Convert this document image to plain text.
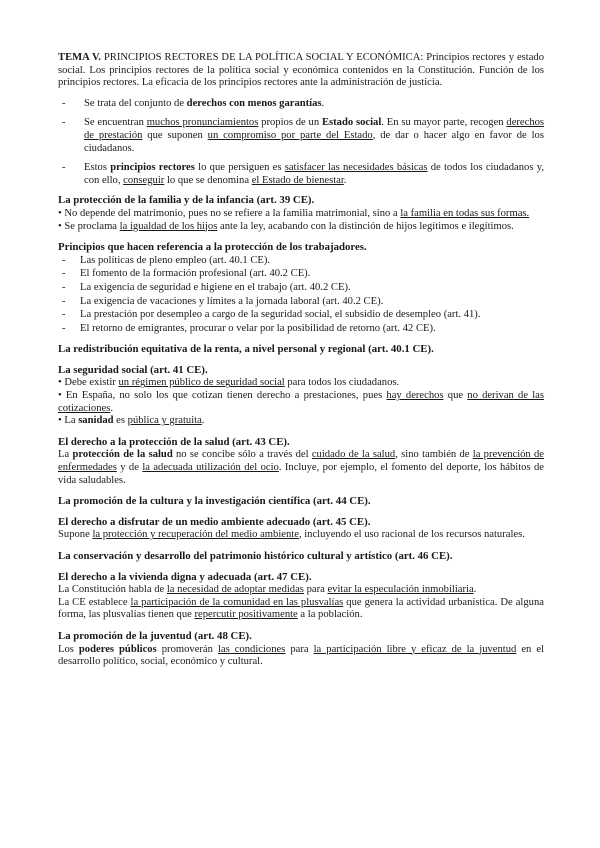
TEMA V. PRINCIPIOS RECTORES DE LA POLÍTICA SOCIAL Y ECONÓMICA: Principios rectores y estado social. Los principios rectores de la política social y económica contenidos en la Constitución. Función de los principios rectores. La eficacia de los principios rectores ante la administración de justicia.

- Se trata del conjunto de derechos con menos garantías.
- Se encuentran muchos pronunciamientos propios de un Estado social. En su mayor parte, recogen derechos de prestación que suponen un compromiso por parte del Estado, de dar o hacer algo en favor de los ciudadanos.
- Estos principios rectores lo que persiguen es satisfacer las necesidades básicas de todos los ciudadanos y, con ello, conseguir lo que se denomina el Estado de bienestar.
La protección de la familia y de la infancia (art. 39 CE).

• No depende del matrimonio, pues no se refiere a la familia matrimonial, sino a la familia en todas sus formas.

• Se proclama la igualdad de los hijos ante la ley, acabando con la distinción de hijos legítimos e ilegítimos.

Principios que hacen referencia a la protección de los trabajadores.
- Las políticas de pleno empleo (art. 40.1 CE).
- El fomento de la formación profesional (art. 40.2 CE).
- La exigencia de seguridad e higiene en el trabajo (art. 40.2 CE).
- La exigencia de vacaciones y límites a la jornada laboral (art. 40.2 CE).
- La prestación por desempleo a cargo de la seguridad social, el subsidio de desempleo (art. 41).
- El retorno de emigrantes, procurar o velar por la posibilidad de retorno (art. 42 CE).
La redistribución equitativa de la renta, a nivel personal y regional (art. 40.1 CE).
La seguridad social (art. 41 CE).

• Debe existir un régimen público de seguridad social para todos los ciudadanos.

• En España, no solo los que cotizan tienen derecho a prestaciones, pues hay derechos que no derivan de las cotizaciones.

• La sanidad es pública y gratuita.

El derecho a la protección de la salud (art. 43 CE).

La protección de la salud no se concibe sólo a través del cuidado de la salud, sino también de la prevención de enfermedades y de la adecuada utilización del ocio. Incluye, por ejemplo, el fomento del deporte, los hábitos de vida saludables.

La promoción de la cultura y la investigación científica (art. 44 CE).
El derecho a disfrutar de un medio ambiente adecuado (art. 45 CE).

Supone la protección y recuperación del medio ambiente, incluyendo el uso racional de los recursos naturales.

La conservación y desarrollo del patrimonio histórico cultural y artístico (art. 46 CE).
El derecho a la vivienda digna y adecuada (art. 47 CE).

La Constitución habla de la necesidad de adoptar medidas para evitar la especulación inmobiliaria.

La CE establece la participación de la comunidad en las plusvalías que genera la actividad urbanística. De alguna forma, las plusvalías tienen que repercutir positivamente a la población.

La promoción de la juventud (art. 48 CE).

Los poderes públicos promoverán las condiciones para la participación libre y eficaz de la juventud en el desarrollo político, social, económico y cultural.
